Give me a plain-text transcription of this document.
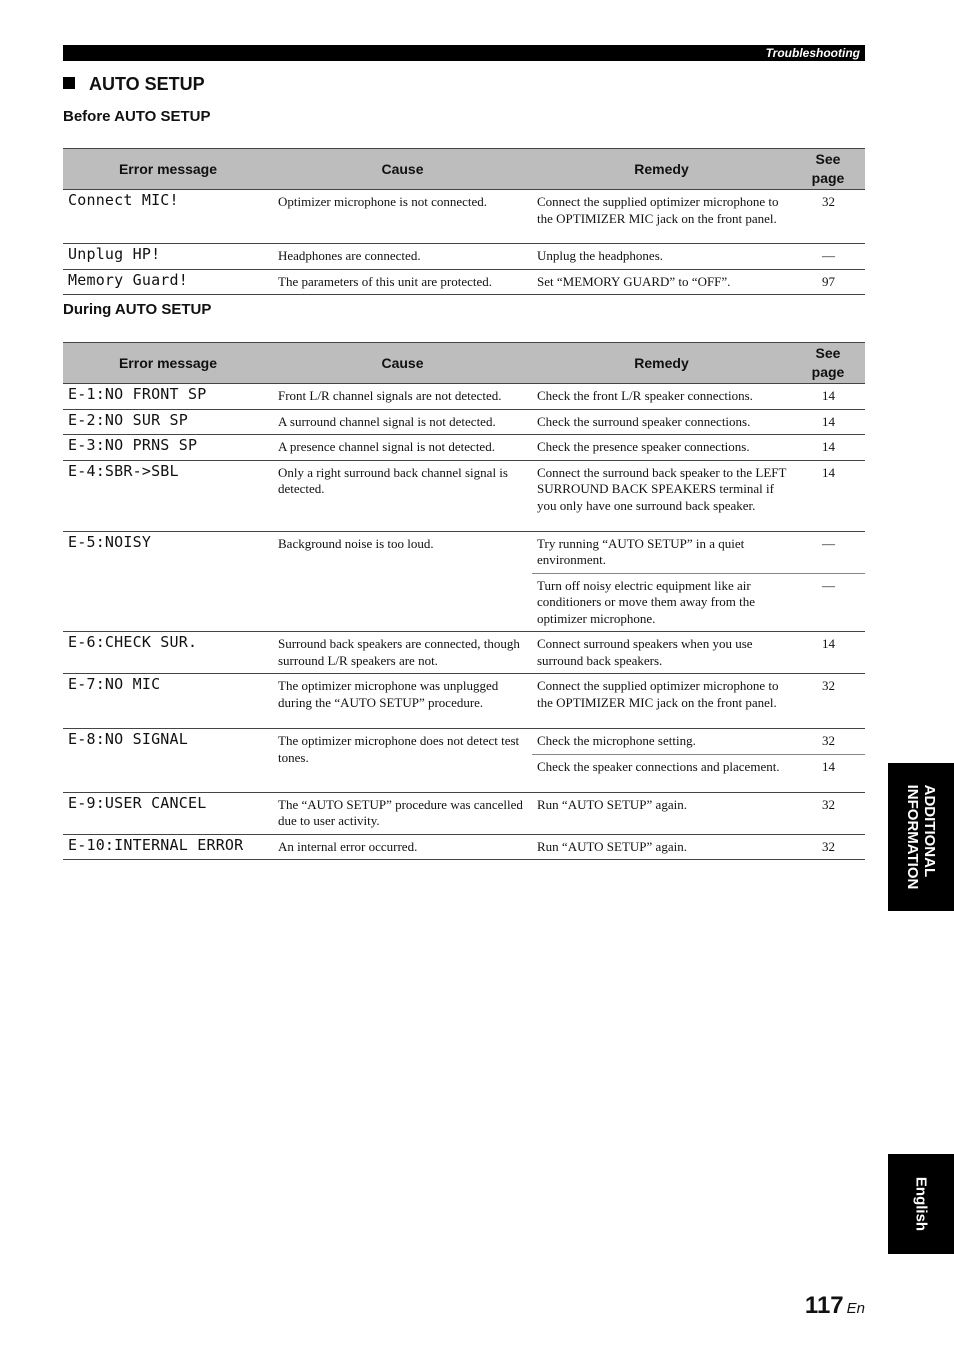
Troubleshooting
AUTO SETUP
Before AUTO SETUP
Error message	Cause	Remedy	See
page
Connect MIC!	Optimizer microphone is not connected.	Connect the supplied optimizer microphone to the OPTIMIZER MIC jack on the front panel.	32
Unplug HP!	Headphones are connected.	Unplug the headphones.	—
Memory Guard!	The parameters of this unit are protected.	Set “MEMORY GUARD” to “OFF”.	97
During AUTO SETUP
Error message	Cause	Remedy	See
page
E-1:NO FRONT SP	Front L/R channel signals are not detected.	Check the front L/R speaker connections.	14
E-2:NO SUR SP	A surround channel signal is not detected.	Check the surround speaker connections.	14
E-3:NO PRNS SP	A presence channel signal is not detected.	Check the presence speaker connections.	14
E-4:SBR->SBL	Only a right surround back channel signal is detected.	Connect the surround back speaker to the LEFT SURROUND BACK SPEAKERS terminal if you only have one surround back speaker.	14
E-5:NOISY	Background noise is too loud.	Try running “AUTO SETUP” in a quiet environment.	—
		Turn off noisy electric equipment like air conditioners or move them away from the optimizer microphone.	—
E-6:CHECK SUR.	Surround back speakers are connected, though surround L/R speakers are not.	Connect surround speakers when you use surround back speakers.	14
E-7:NO MIC	The optimizer microphone was unplugged during the “AUTO SETUP” procedure.	Connect the supplied optimizer microphone to the OPTIMIZER MIC jack on the front panel.	32
E-8:NO SIGNAL	The optimizer microphone does not detect test tones.	Check the microphone setting.	32
		Check the speaker connections and placement.	14
E-9:USER CANCEL	The “AUTO SETUP” procedure was cancelled due to user activity.	Run “AUTO SETUP” again.	32
E-10:INTERNAL ERROR	An internal error occurred.	Run “AUTO SETUP” again.	32	ADDITIONAL
INFORMATION
English
117 En
